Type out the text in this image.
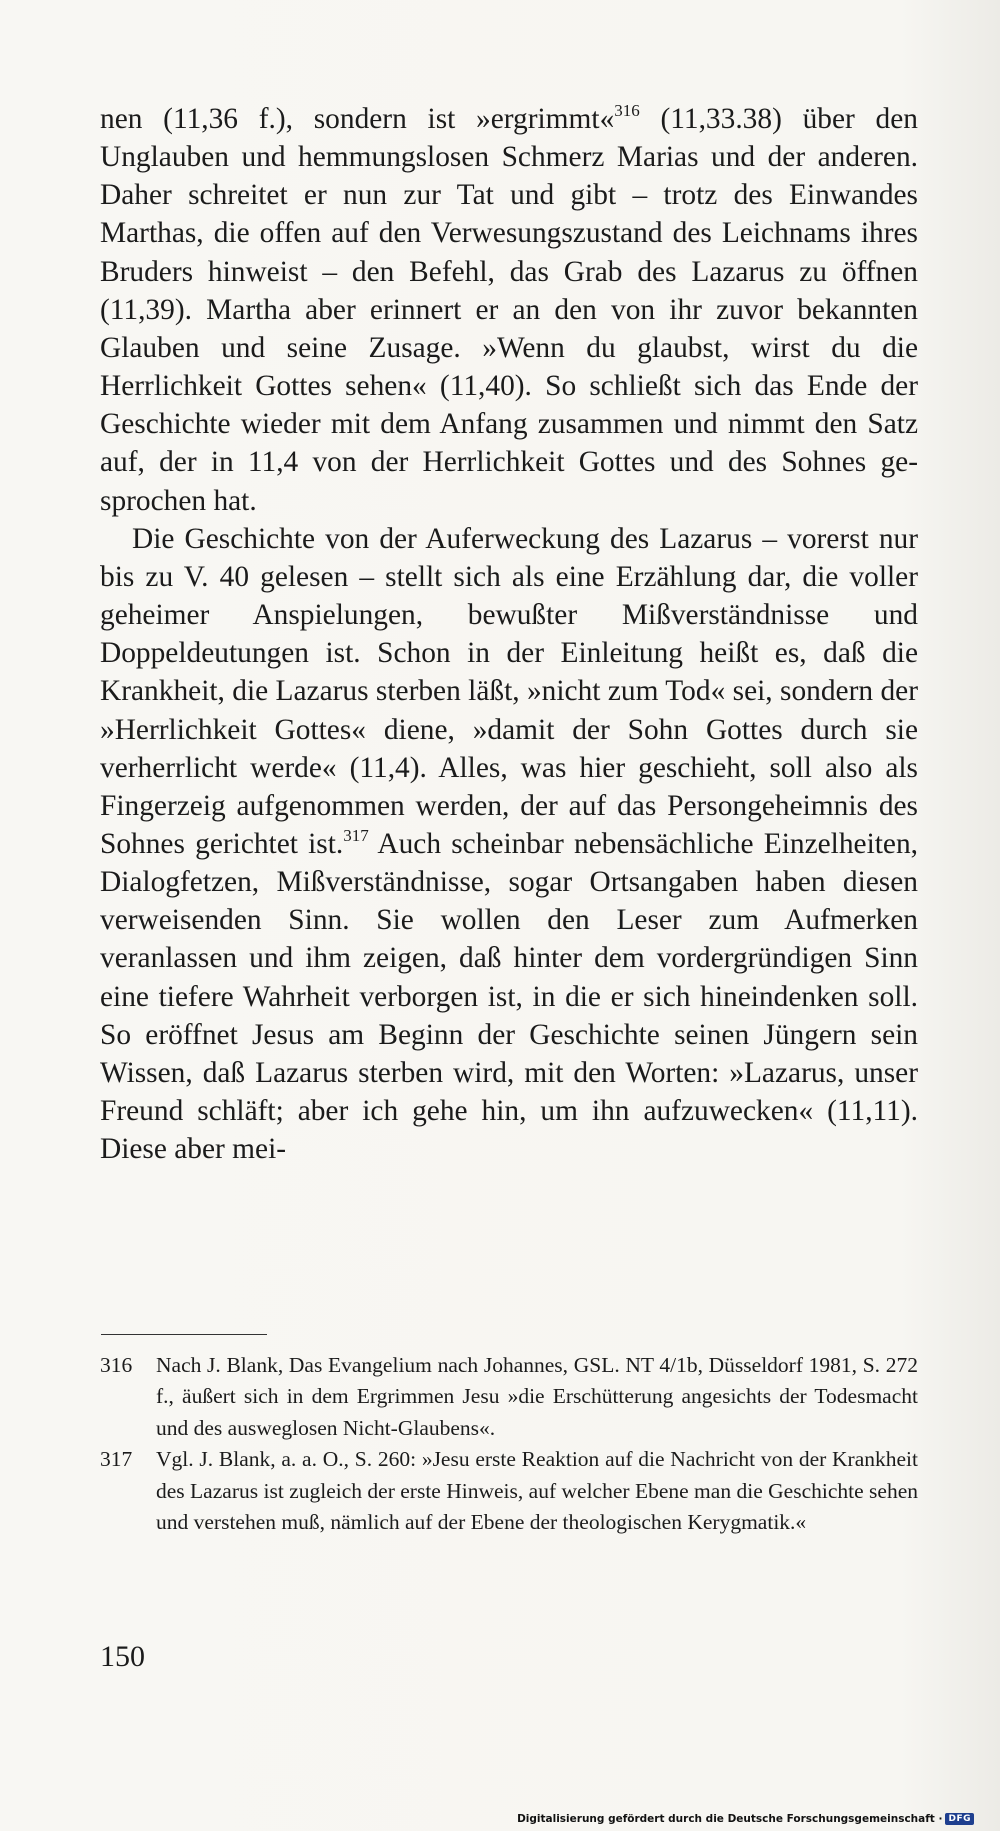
nen (11,36 f.), sondern ist »ergrimmt«$^{316}$ (11,33.38) über den Unglauben und hemmungslosen Schmerz Marias und der anderen. Daher schreitet er nun zur Tat und gibt – trotz des Einwandes Marthas, die offen auf den Verwesungszustand des Leichnams ihres Bruders hinweist – den Befehl, das Grab des Lazarus zu öffnen (11,39). Martha aber erinnert er an den von ihr zuvor bekannten Glauben und seine Zusage. »Wenn du glaubst, wirst du die Herrlichkeit Gottes sehen« (11,40). So schließt sich das Ende der Geschichte wieder mit dem Anfang zusammen und nimmt den Satz auf, der in 11,4 von der Herrlichkeit Gottes und des Sohnes gesprochen hat.

Die Geschichte von der Auferweckung des Lazarus – vorerst nur bis zu V. 40 gelesen – stellt sich als eine Erzählung dar, die voller geheimer Anspielungen, bewußter Mißverständnisse und Doppeldeutungen ist. Schon in der Einleitung heißt es, daß die Krankheit, die Lazarus sterben läßt, »nicht zum Tod« sei, sondern der »Herrlichkeit Gottes« diene, »damit der Sohn Gottes durch sie verherrlicht werde« (11,4). Alles, was hier geschieht, soll also als Fingerzeig aufgenommen werden, der auf das Persongeheimnis des Sohnes gerichtet ist.$^{317}$ Auch scheinbar nebensächliche Einzelheiten, Dialogfetzen, Mißverständnisse, sogar Ortsangaben haben diesen verweisenden Sinn. Sie wollen den Leser zum Aufmerken veranlassen und ihm zeigen, daß hinter dem vordergründigen Sinn eine tiefere Wahrheit verborgen ist, in die er sich hineindenken soll. So eröffnet Jesus am Beginn der Geschichte seinen Jüngern sein Wissen, daß Lazarus sterben wird, mit den Worten: »Lazarus, unser Freund schläft; aber ich gehe hin, um ihn aufzuwecken« (11,11). Diese aber mei-

316	Nach J. Blank, Das Evangelium nach Johannes, GSL. NT 4/1b, Düsseldorf 1981, S. 272 f., äußert sich in dem Ergrimmen Jesu »die Erschütterung angesichts der Todesmacht und des ausweglosen Nicht-Glaubens«.
317	Vgl. J. Blank, a. a. O., S. 260: »Jesu erste Reaktion auf die Nachricht von der Krankheit des Lazarus ist zugleich der erste Hinweis, auf welcher Ebene man die Geschichte sehen und verstehen muß, nämlich auf der Ebene der theologischen Kerygmatik.«
150
Digitalisierung gefördert durch die Deutsche Forschungsgemeinschaft · DFG
